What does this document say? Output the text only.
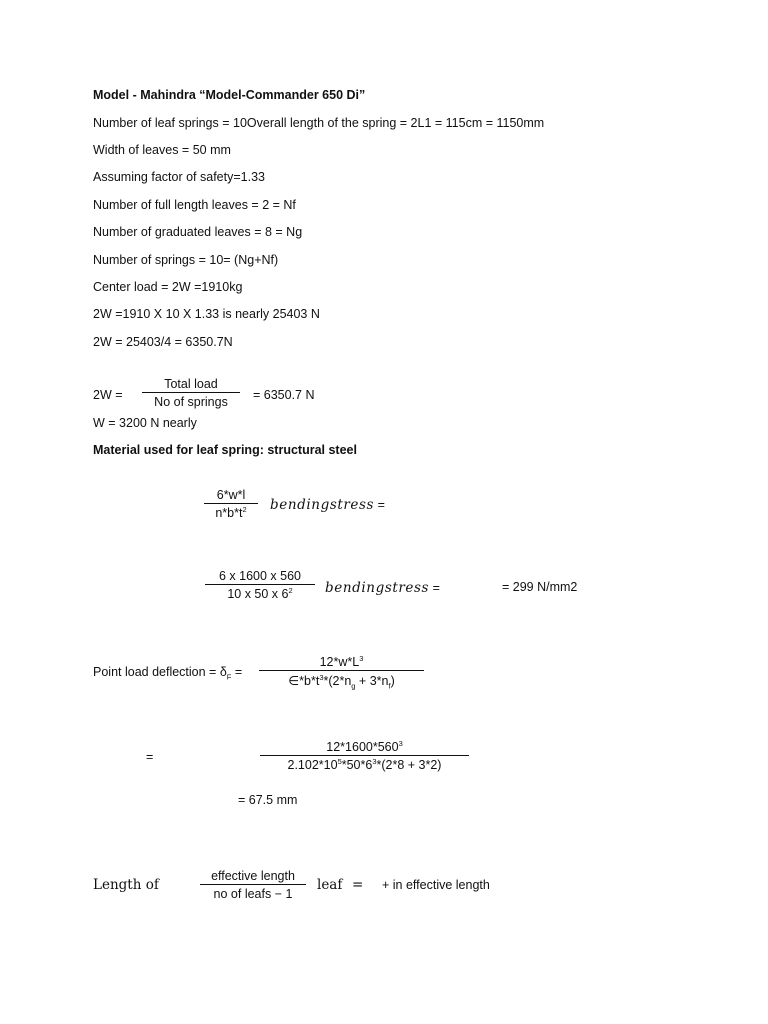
Model - Mahindra “Model-Commander 650 Di”
Number of leaf springs = 10Overall length of the spring = 2L1 = 115cm = 1150mm
Width of leaves = 50 mm
Assuming factor of safety=1.33
Number of full length leaves = 2 = Nf
Number of graduated leaves = 8 = Ng
Number of springs = 10= (Ng+Nf)
Center load = 2W =1910kg
2W =1910 X 10 X 1.33 is nearly 25403 N
2W = 25403/4 = 6350.7N
2W =
Total load
No of springs	= 6350.7 N
W = 3200 N nearly
Material used for leaf spring: structural steel
6*w*l
$n*b*t^2$	bendingstress =
6 x 1600 x 560
10 x 50 x $6^2$	bendingstress =	= 299 N/mm2
Point load deflection = $\delta_F$ =
$12*w*L^3$
$\in*b*t^3*(2*n_g + 3*n_f)$
=
$12*1600*560^3$
$2.102*10^5*50*6^3*(2*8 + 3*2)$
= 67.5 mm
Length of
effective length
no of leafs − 1
leaf = + in effective length
